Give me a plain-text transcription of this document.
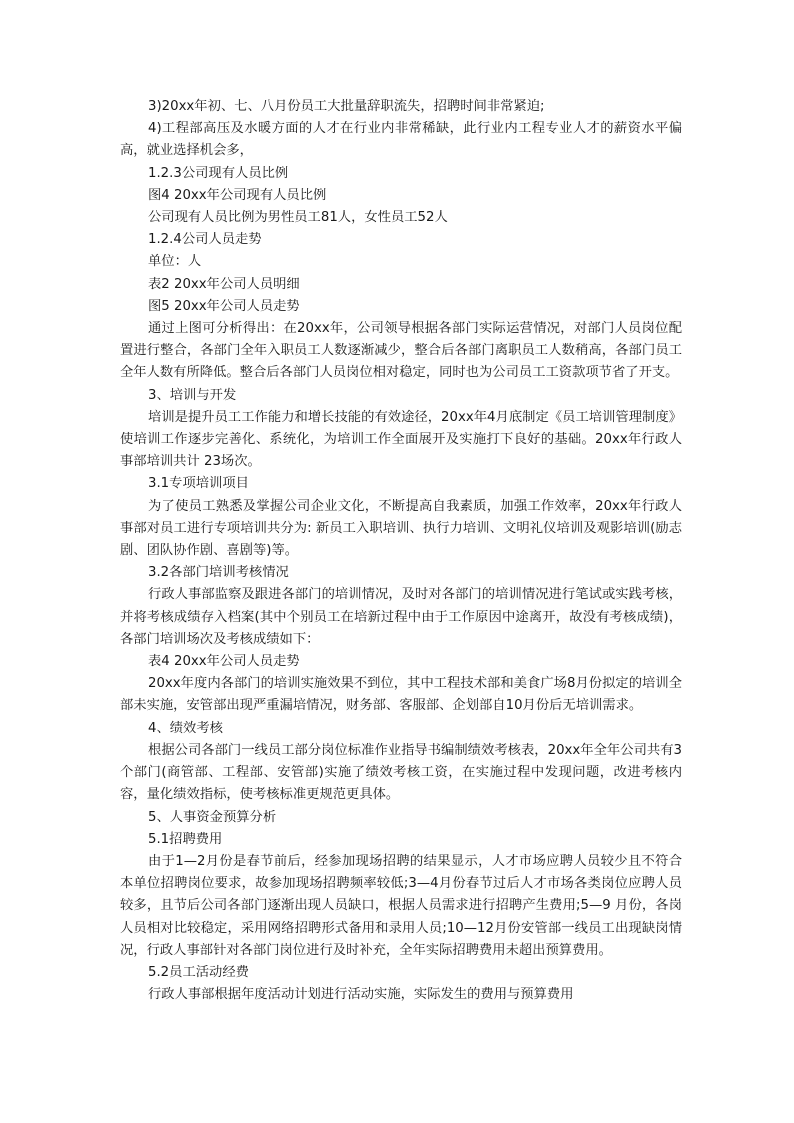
3)20xx年初、七、八月份员工大批量辞职流失，招聘时间非常紧迫;

4)工程部高压及水暖方面的人才在行业内非常稀缺，此行业内工程专业人才的薪资水平偏高，就业选择机会多，

1.2.3公司现有人员比例

图4 20xx年公司现有人员比例

公司现有人员比例为男性员工81人，女性员工52人

1.2.4公司人员走势

单位：人

表2 20xx年公司人员明细

图5 20xx年公司人员走势

通过上图可分析得出：在20xx年，公司领导根据各部门实际运营情况，对部门人员岗位配置进行整合，各部门全年入职员工人数逐渐减少，整合后各部门离职员工人数稍高，各部门员工全年人数有所降低。整合后各部门人员岗位相对稳定，同时也为公司员工工资款项节省了开支。

3、培训与开发

培训是提升员工工作能力和增长技能的有效途径，20xx年4月底制定《员工培训管理制度》使培训工作逐步完善化、系统化，为培训工作全面展开及实施打下良好的基础。20xx年行政人事部培训共计 23场次。

3.1专项培训项目

为了使员工熟悉及掌握公司企业文化，不断提高自我素质，加强工作效率，20xx年行政人事部对员工进行专项培训共分为: 新员工入职培训、执行力培训、文明礼仪培训及观影培训(励志剧、团队协作剧、喜剧等)等。

3.2各部门培训考核情况

行政人事部监察及跟进各部门的培训情况，及时对各部门的培训情况进行笔试或实践考核，并将考核成绩存入档案(其中个别员工在培新过程中由于工作原因中途离开，故没有考核成绩)，各部门培训场次及考核成绩如下：

表4 20xx年公司人员走势

20xx年度内各部门的培训实施效果不到位，其中工程技术部和美食广场8月份拟定的培训全部未实施，安管部出现严重漏培情况，财务部、客服部、企划部自10月份后无培训需求。

4、绩效考核

根据公司各部门一线员工部分岗位标准作业指导书编制绩效考核表，20xx年全年公司共有3个部门(商管部、工程部、安管部)实施了绩效考核工资，在实施过程中发现问题，改进考核内容，量化绩效指标，使考核标准更规范更具体。

5、人事资金预算分析

5.1招聘费用

由于1—2月份是春节前后，经参加现场招聘的结果显示，人才市场应聘人员较少且不符合本单位招聘岗位要求，故参加现场招聘频率较低;3—4月份春节过后人才市场各类岗位应聘人员较多，且节后公司各部门逐渐出现人员缺口，根据人员需求进行招聘产生费用;5—9 月份，各岗人员相对比较稳定，采用网络招聘形式备用和录用人员;10—12月份安管部一线员工出现缺岗情况，行政人事部针对各部门岗位进行及时补充，全年实际招聘费用未超出预算费用。

5.2员工活动经费

行政人事部根据年度活动计划进行活动实施，实际发生的费用与预算费用
